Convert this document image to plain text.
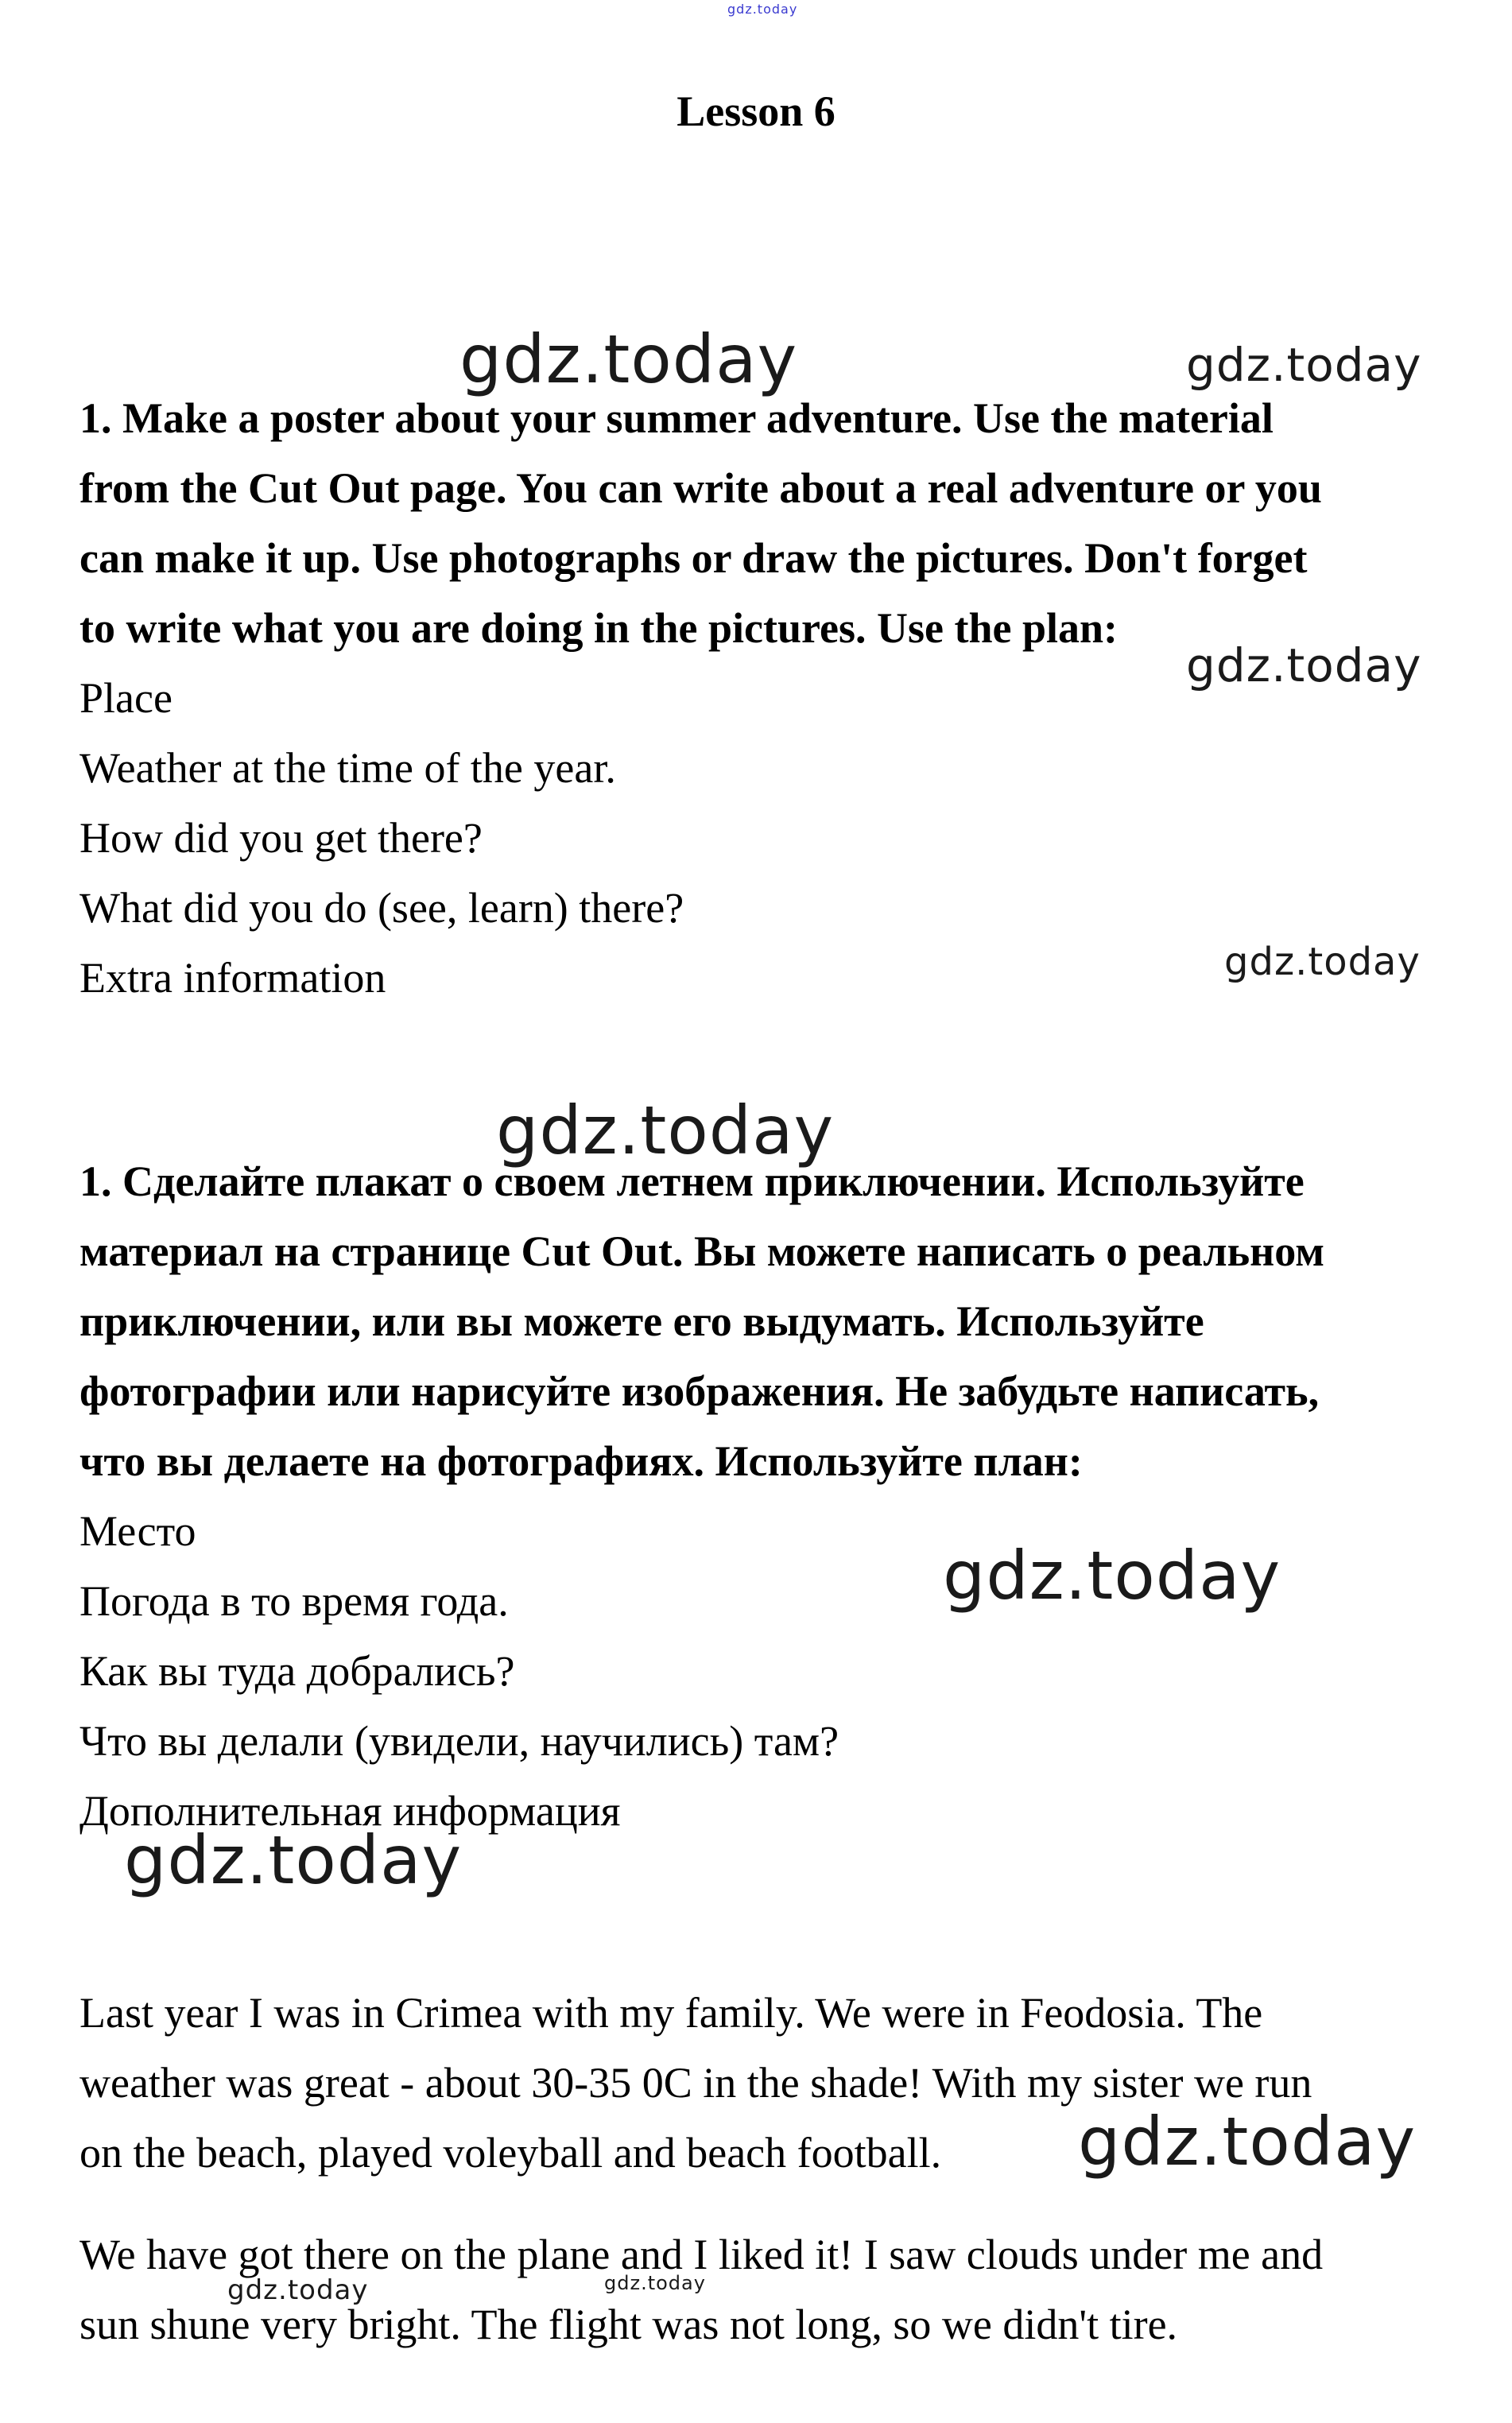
gdz.today
Lesson 6
1. Make a poster about your summer adventure. Use the material
from the Cut Out page. You can write about a real adventure or you
can make it up. Use photographs or draw the pictures. Don't forget
to write what you are doing in the pictures. Use the plan:
Place
Weather at the time of the year.
How did you get there?
What did you do (see, learn) there?
Extra information
1. Сделайте плакат о своем летнем приключении. Используйте
материал на странице Cut Out. Вы можете написать о реальном
приключении, или вы можете его выдумать. Используйте
фотографии или нарисуйте изображения. Не забудьте написать,
что вы делаете на фотографиях. Используйте план:
Место
Погода в то время года.
Как вы туда добрались?
Что вы делали (увидели, научились) там?
Дополнительная информация
Last year I was in Crimea with my family. We were in Feodosia. The
weather was great - about 30-35 0C in the shade! With my sister we run
on the beach, played voleyball and beach football.
We have got there on the plane and I liked it! I saw clouds under me and
sun shune very bright. The flight was not long, so we didn't tire.
gdz.today	gdz.today
gdz.today
gdz.today
gdz.today
gdz.today
gdz.today
gdz.today
gdz.today	gdz.today
